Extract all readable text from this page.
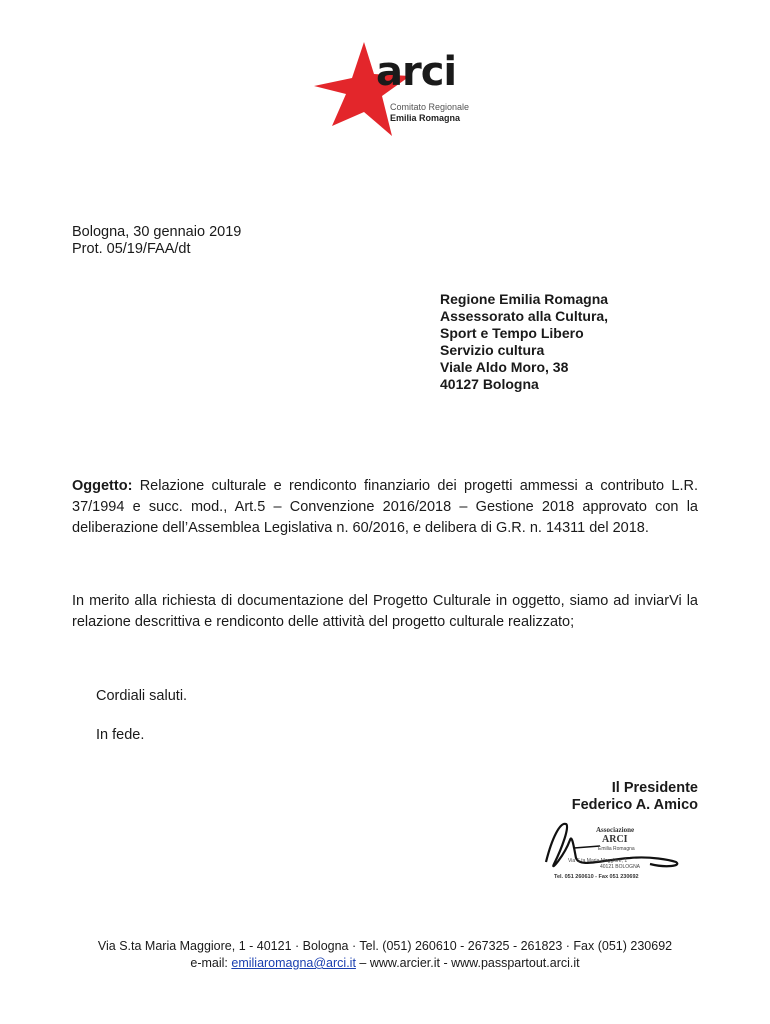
arci
Comitato Regionale
Emilia Romagna
Bologna, 30 gennaio 2019
Prot. 05/19/FAA/dt
Regione Emilia Romagna
Assessorato alla Cultura,
Sport e Tempo Libero
Servizio cultura
Viale Aldo Moro, 38
40127 Bologna
Oggetto: Relazione culturale e rendiconto finanziario dei progetti ammessi a contributo L.R. 37/1994 e succ. mod., Art.5 – Convenzione 2016/2018 – Gestione 2018 approvato con la deliberazione dell’Assemblea Legislativa n. 60/2016, e delibera di G.R. n. 14311 del 2018.
In merito alla richiesta di documentazione del Progetto Culturale in oggetto, siamo ad inviarVi la relazione descrittiva e rendiconto delle attività del progetto culturale realizzato;
Cordiali saluti.
In fede.
Il Presidente
Federico A. Amico
Associazione
ARCI
Emilia Romagna
Via S.ta Maria Maggiore, 1
40121 BOLOGNA
Tel. 051 260610 - Fax 051 230692
Via S.ta Maria Maggiore, 1 - 40121 · Bologna · Tel. (051) 260610 - 267325 - 261823 · Fax (051) 230692
e-mail: emiliaromagna@arci.it – www.arcier.it - www.passpartout.arci.it
